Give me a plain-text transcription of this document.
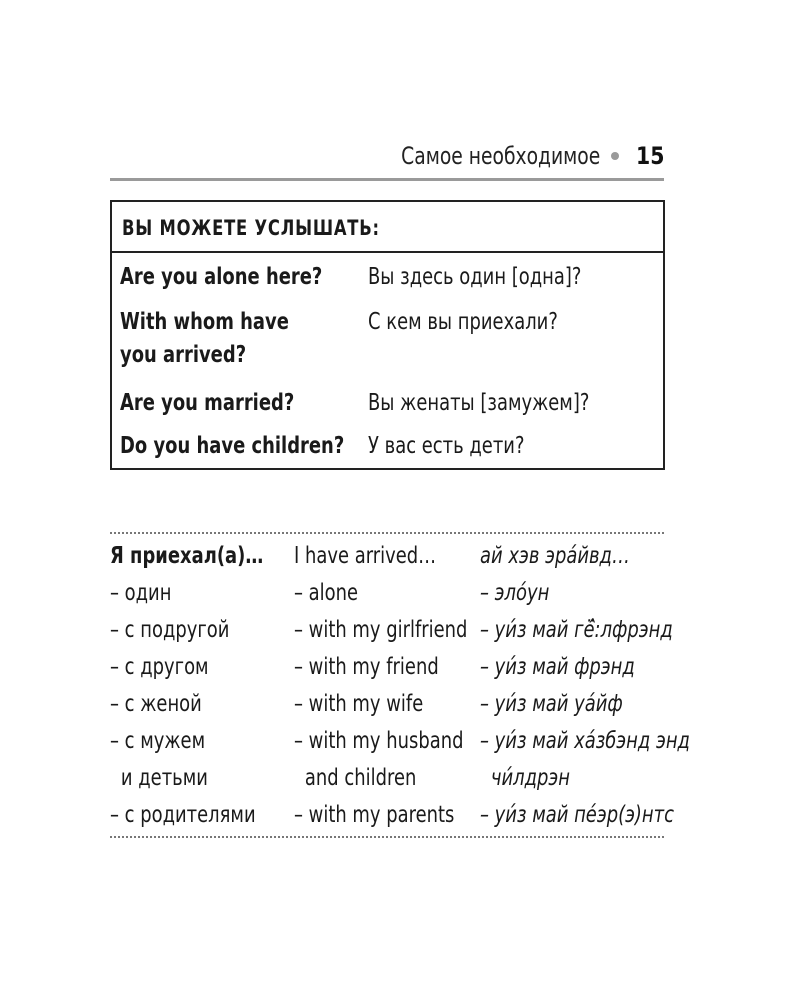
Самое необходимое 15
ВЫ МОЖЕТЕ УСЛЫШАТЬ:
Are you alone here? Вы здесь один [одна]?
With whom have	С кем вы приехали?
you arrived?
Are you married?	Вы женаты [замужем]?
Do you have children? У вас есть дети?
Я приехал(а)…
– один
– с подругой
– с другом
– с женой
– с мужем
и детьми
– с родителями
I have arrived…
– alone
– with my girlfriend
– with my friend
– with my wife
– with my husband
and children
– with my parents
ай хэв эра́йвд…
– эло́ун
– уи́з май гё̂:лфрэнд
– уи́з май фрэнд
– уи́з май уа́йф
– уи́з май ха́збэнд энд
чи́лдрэн
– уи́з май пе́эр(э)нтс
